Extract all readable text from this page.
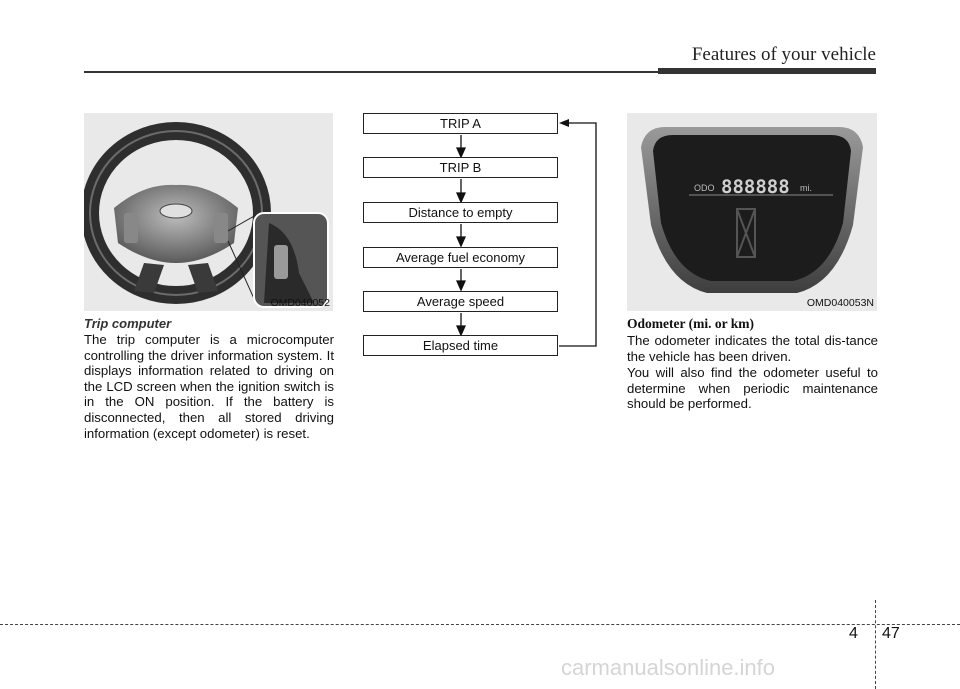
Features of your vehicle
OMD040052
Trip computer
The trip computer is a microcomputer controlling the driver information system. It displays information related to driving on the LCD screen when the ignition switch is in the ON position. If the battery is disconnected, then all stored driving information (except odometer) is reset.
TRIP A
TRIP B
Distance to empty
Average fuel economy
Average speed
Elapsed time
ODO 888888 mi.
OMD040053N
Odometer (mi. or km)
The odometer indicates the total dis-tance the vehicle has been driven.
You will also find the odometer useful to determine when periodic maintenance should be performed.
4 47
carmanualsonline.info
